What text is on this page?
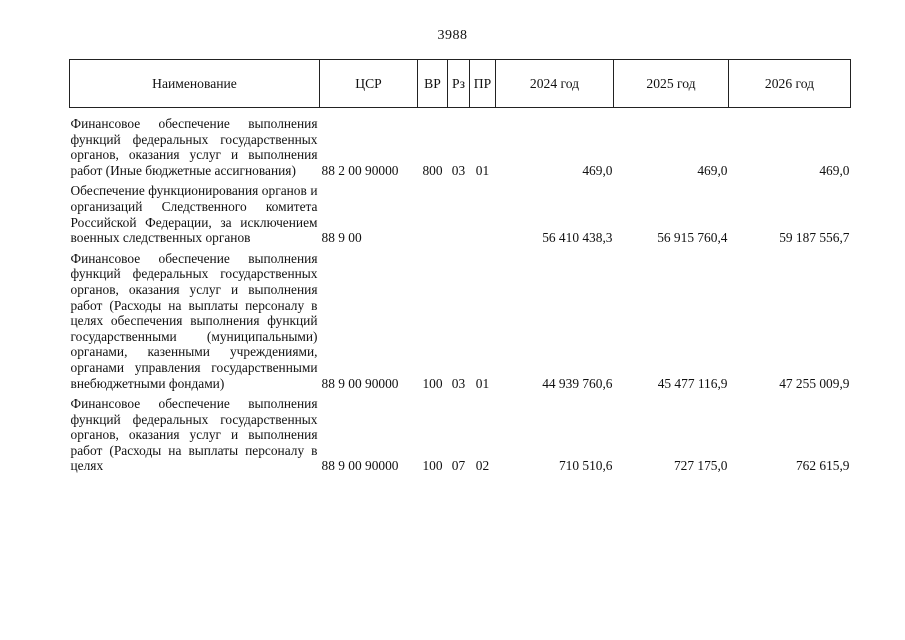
3988
Наименование	ЦСР	ВР	Рз	ПР	2024 год	2025 год	2026 год
Финансовое обеспечение выполнения функций федеральных государственных органов, оказания услуг и выполнения работ (Иные бюджетные ассигнования)	88 2 00 90000	800	03	01	469,0	469,0	469,0
Обеспечение функционирования органов и организаций Следственного комитета Российской Федерации, за исключением военных следственных органов	88 9 00				56 410 438,3	56 915 760,4	59 187 556,7
Финансовое обеспечение выполнения функций федеральных государственных органов, оказания услуг и выполнения работ (Расходы на выплаты персоналу в целях обеспечения выполнения функций государственными (муниципальными) органами, казенными учреждениями, органами управления государственными внебюджетными фондами)	88 9 00 90000	100	03	01	44 939 760,6	45 477 116,9	47 255 009,9
Финансовое обеспечение выполнения функций федеральных государственных органов, оказания услуг и выполнения работ (Расходы на выплаты персоналу в целях	88 9 00 90000	100	07	02	710 510,6	727 175,0	762 615,9
